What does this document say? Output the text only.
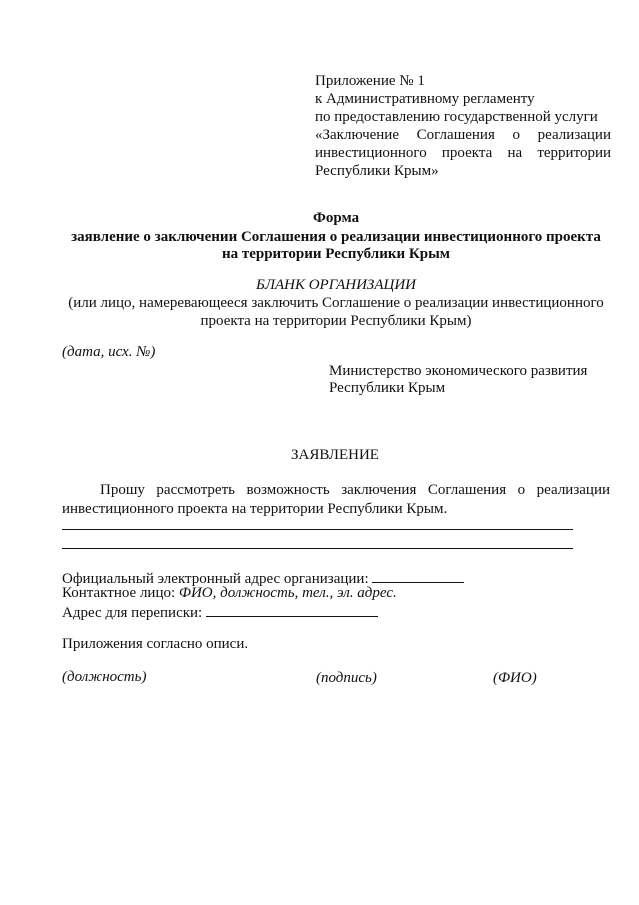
Приложение № 1
к Административному регламенту
по предоставлению государственной услуги
«Заключение Соглашения о реализации
инвестиционного проекта на территории
Республики Крым»
Форма
заявление о заключении Соглашения о реализации инвестиционного проекта
на территории Республики Крым
БЛАНК ОРГАНИЗАЦИИ
(или лицо, намеревающееся заключить Соглашение о реализации инвестиционного
проекта на территории Республики Крым)
(дата, исх. №)
Министерство экономического развития
Республики Крым
ЗАЯВЛЕНИЕ
Прошу рассмотреть возможность заключения Соглашения о реализации
инвестиционного проекта на территории Республики Крым.
Официальный электронный адрес организации:
Контактное лицо: ФИО, должность, тел., эл. адрес.
Адрес для переписки:
Приложения согласно описи.
(должность)	(подпись)	(ФИО)
